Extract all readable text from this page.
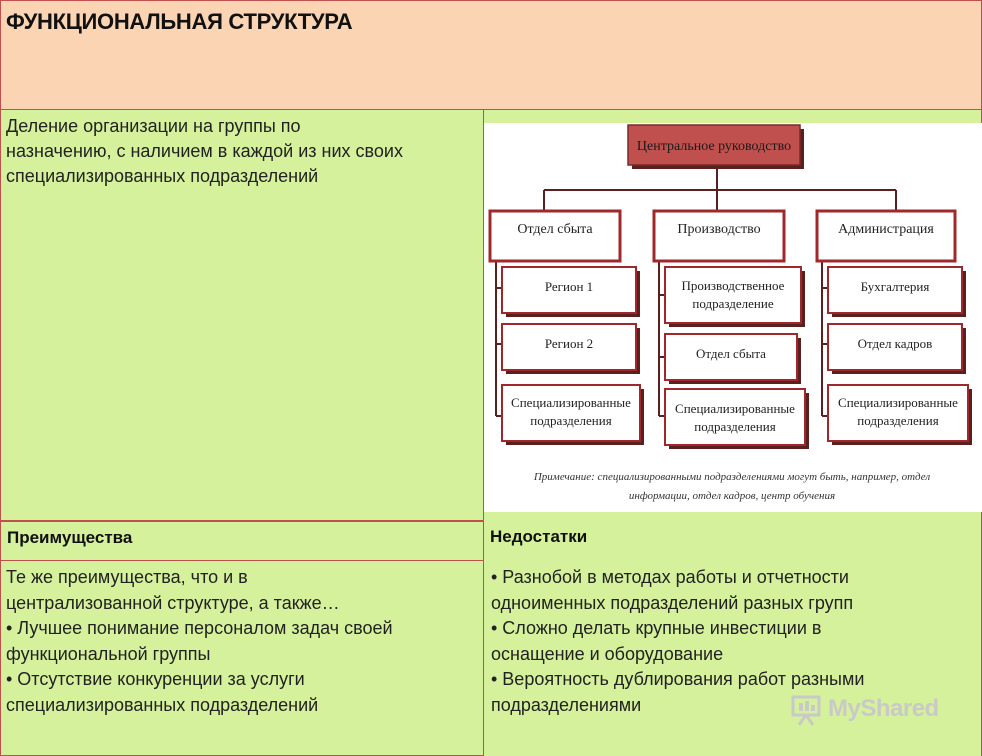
ФУНКЦИОНАЛЬНАЯ СТРУКТУРА
Деление организации на группы по
назначению, с наличием в каждой из них своих
специализированных подразделений
Центральное руководство
Отдел сбыта	Производство	Администрация
Регион 1
Регион 2
Специализированные
подразделения
Производственное
подразделение
Отдел сбыта
Специализированные
подразделения
Бухгалтерия
Отдел кадров
Специализированные
подразделения
Примечание: специализированными подразделениями могут быть, например, отдел
информации, отдел кадров, центр обучения
Преимущества	Недостатки
Те же преимущества, что и в
централизованной структуре, а также…
• Лучшее понимание персоналом задач своей
функциональной группы
• Отсутствие конкуренции за услуги
специализированных подразделений
• Разнобой в методах работы и отчетности
одноименных подразделений разных групп
• Сложно делать крупные инвестиции в
оснащение и оборудование
• Вероятность дублирования работ разными
подразделениями	MyShared
